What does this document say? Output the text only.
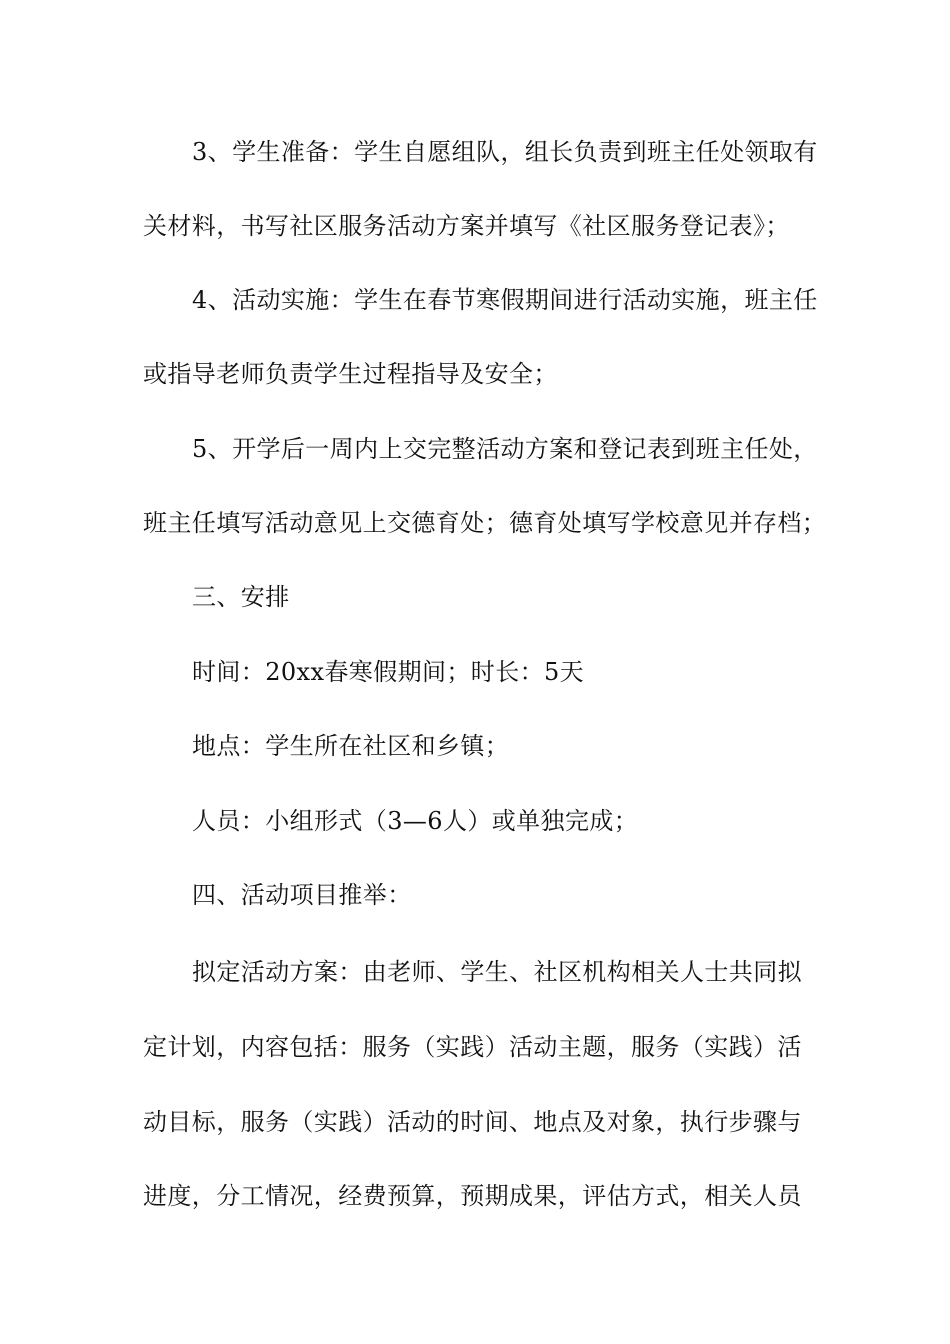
3、学生准备：学生自愿组队，组长负责到班主任处领取有
关材料，书写社区服务活动方案并填写《社区服务登记表》；
4、活动实施：学生在春节寒假期间进行活动实施，班主任
或指导老师负责学生过程指导及安全；
5、开学后一周内上交完整活动方案和登记表到班主任处，
班主任填写活动意见上交德育处；德育处填写学校意见并存档；
三、安排
时间：20xx春寒假期间；时长：5天
地点：学生所在社区和乡镇；
人员：小组形式（3—6人）或单独完成；
四、活动项目推举：
拟定活动方案：由老师、学生、社区机构相关人士共同拟
定计划，内容包括：服务（实践）活动主题，服务（实践）活
动目标，服务（实践）活动的时间、地点及对象，执行步骤与
进度，分工情况，经费预算，预期成果，评估方式，相关人员
